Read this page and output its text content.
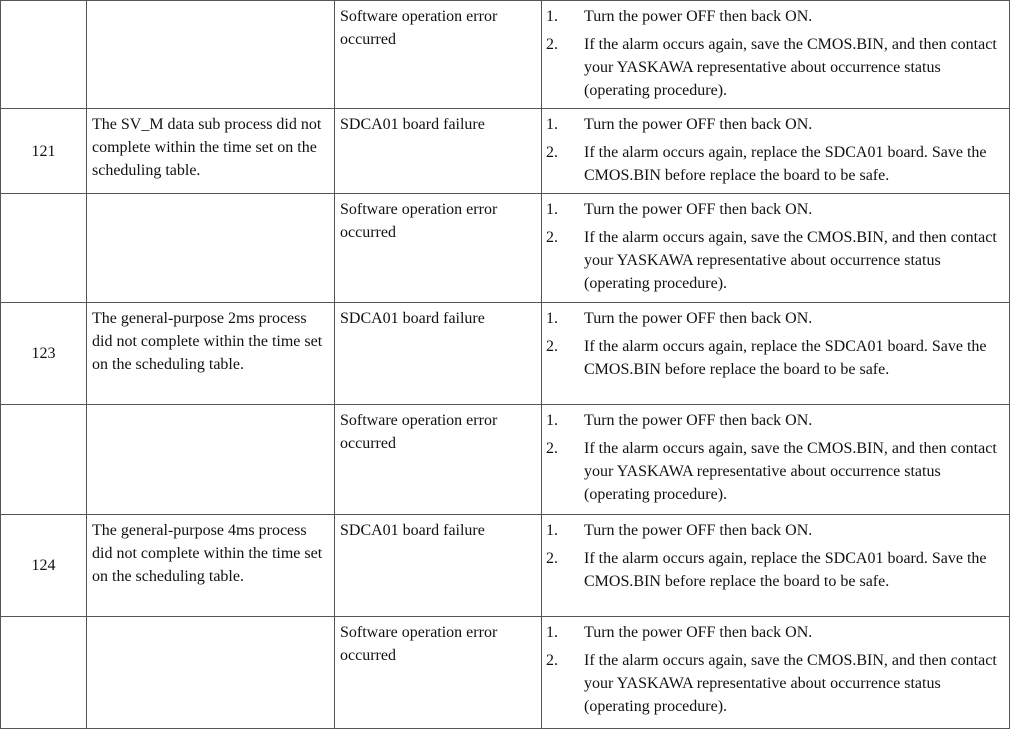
		Software operation error occurred	1. Turn the power OFF then back ON.
2. If the alarm occurs again, save the CMOS.BIN, and then contact your YASKAWA representative about occurrence status (operating procedure).

121	The SV_M data sub process did not complete within the time set on the scheduling table.	SDCA01 board failure	1. Turn the power OFF then back ON.
2. If the alarm occurs again, replace the SDCA01 board. Save the CMOS.BIN before replace the board to be safe.

		Software operation error occurred	1. Turn the power OFF then back ON.
2. If the alarm occurs again, save the CMOS.BIN, and then contact your YASKAWA representative about occurrence status (operating procedure).

123	The general-purpose 2ms process did not complete within the time set on the scheduling table.	SDCA01 board failure	1. Turn the power OFF then back ON.
2. If the alarm occurs again, replace the SDCA01 board. Save the CMOS.BIN before replace the board to be safe.

		Software operation error occurred	1. Turn the power OFF then back ON.
2. If the alarm occurs again, save the CMOS.BIN, and then contact your YASKAWA representative about occurrence status (operating procedure).

124	The general-purpose 4ms process did not complete within the time set on the scheduling table.	SDCA01 board failure	1. Turn the power OFF then back ON.
2. If the alarm occurs again, replace the SDCA01 board. Save the CMOS.BIN before replace the board to be safe.

		Software operation error occurred	1. Turn the power OFF then back ON.
2. If the alarm occurs again, save the CMOS.BIN, and then contact your YASKAWA representative about occurrence status (operating procedure).
